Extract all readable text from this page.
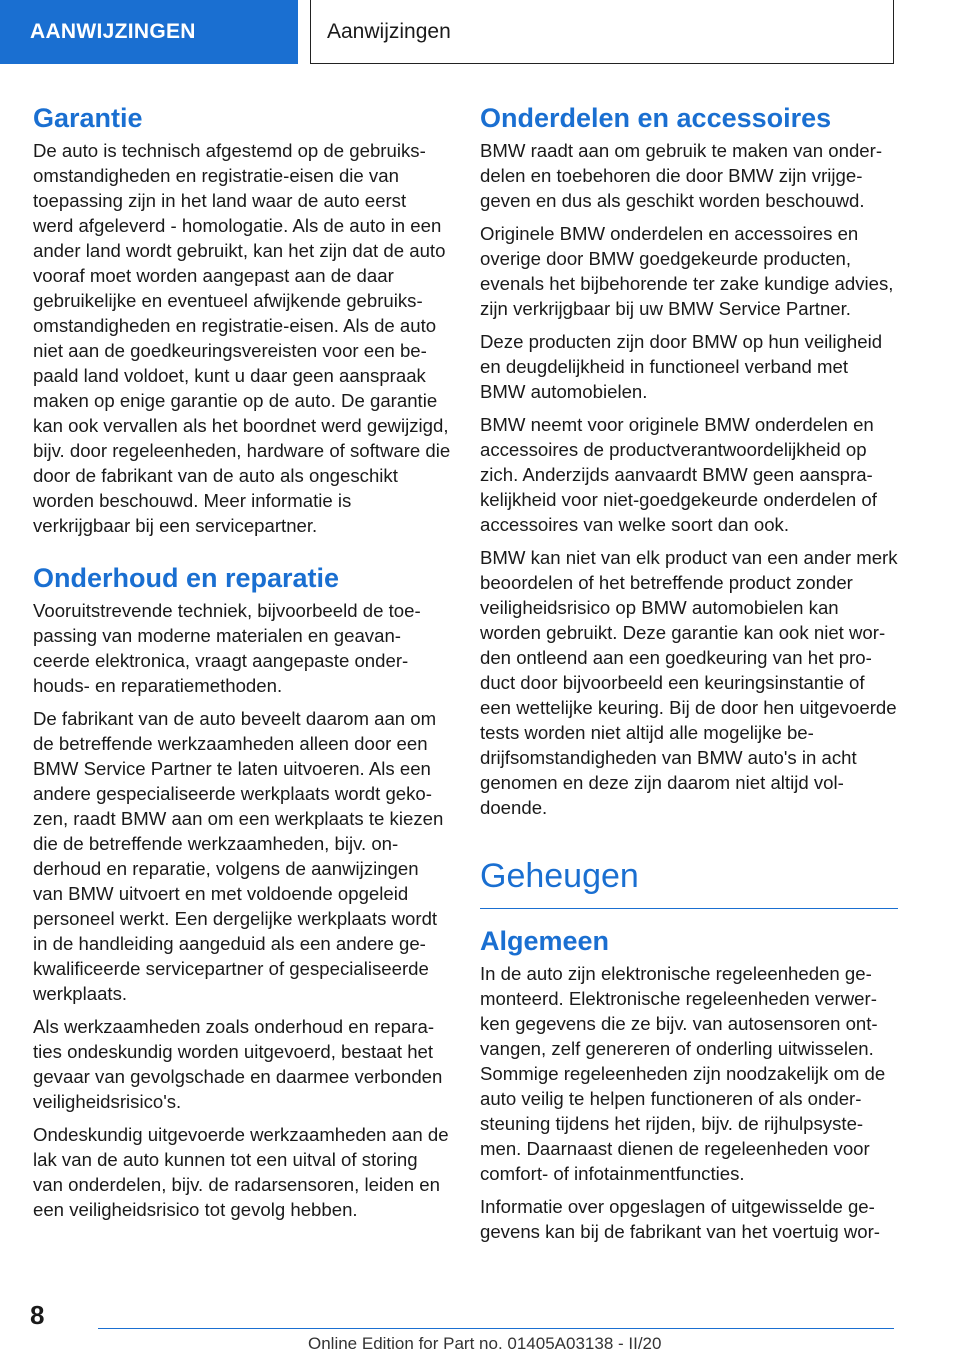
AANWIJZINGEN	Aanwijzingen
Garantie

De auto is technisch afgestemd op de gebruiksomstandigheden en registratie-eisen die van toepassing zijn in het land waar de auto eerst werd afgeleverd - homologatie. Als de auto in een ander land wordt gebruikt, kan het zijn dat de auto vooraf moet worden aangepast aan de daar gebruikelijke en eventueel afwijkende gebruiksomstandigheden en registratie-eisen. Als de auto niet aan de goedkeuringsvereisten voor een bepaald land voldoet, kunt u daar geen aanspraak maken op enige garantie op de auto. De garantie kan ook vervallen als het boordnet werd gewijzigd, bijv. door regeleenheden, hardware of software die door de fabrikant van de auto als ongeschikt worden beschouwd. Meer informatie is verkrijgbaar bij een servicepartner.

Onderhoud en reparatie

Vooruitstrevende techniek, bijvoorbeeld de toepassing van moderne materialen en geavanceerde elektronica, vraagt aangepaste onderhouds- en reparatiemethoden.

De fabrikant van de auto beveelt daarom aan om de betreffende werkzaamheden alleen door een BMW Service Partner te laten uitvoeren. Als een andere gespecialiseerde werkplaats wordt gekozen, raadt BMW aan om een werkplaats te kiezen die de betreffende werkzaamheden, bijv. onderhoud en reparatie, volgens de aanwijzingen van BMW uitvoert en met voldoende opgeleid personeel werkt. Een dergelijke werkplaats wordt in de handleiding aangeduid als een andere gekwalificeerde servicepartner of gespecialiseerde werkplaats.

Als werkzaamheden zoals onderhoud en reparaties ondeskundig worden uitgevoerd, bestaat het gevaar van gevolgschade en daarmee verbonden veiligheidsrisico's.

Ondeskundig uitgevoerde werkzaamheden aan de lak van de auto kunnen tot een uitval of storing van onderdelen, bijv. de radarsensoren, leiden en een veiligheidsrisico tot gevolg hebben.

Onderdelen en accessoires

BMW raadt aan om gebruik te maken van onderdelen en toebehoren die door BMW zijn vrijgegeven en dus als geschikt worden beschouwd.

Originele BMW onderdelen en accessoires en overige door BMW goedgekeurde producten, evenals het bijbehorende ter zake kundige advies, zijn verkrijgbaar bij uw BMW Service Partner.

Deze producten zijn door BMW op hun veiligheid en deugdelijkheid in functioneel verband met BMW automobielen.

BMW neemt voor originele BMW onderdelen en accessoires de productverantwoordelijkheid op zich. Anderzijds aanvaardt BMW geen aansprakelijkheid voor niet-goedgekeurde onderdelen of accessoires van welke soort dan ook.

BMW kan niet van elk product van een ander merk beoordelen of het betreffende product zonder veiligheidsrisico op BMW automobielen kan worden gebruikt. Deze garantie kan ook niet worden ontleend aan een goedkeuring van het product door bijvoorbeeld een keuringsinstantie of een wettelijke keuring. Bij de door hen uitgevoerde tests worden niet altijd alle mogelijke bedrijfsomstandigheden van BMW auto's in acht genomen en deze zijn daarom niet altijd voldoende.

Geheugen
Algemeen

In de auto zijn elektronische regeleenheden gemonteerd. Elektronische regeleenheden verwerken gegevens die ze bijv. van autosensoren ontvangen, zelf genereren of onderling uitwisselen. Sommige regeleenheden zijn noodzakelijk om de auto veilig te helpen functioneren of als ondersteuning tijdens het rijden, bijv. de rijhulpsystemen. Daarnaast dienen de regeleenheden voor comfort- of infotainmentfuncties.

Informatie over opgeslagen of uitgewisselde gegevens kan bij de fabrikant van het voertuig wor-

8
Online Edition for Part no. 01405A03138 - II/20
